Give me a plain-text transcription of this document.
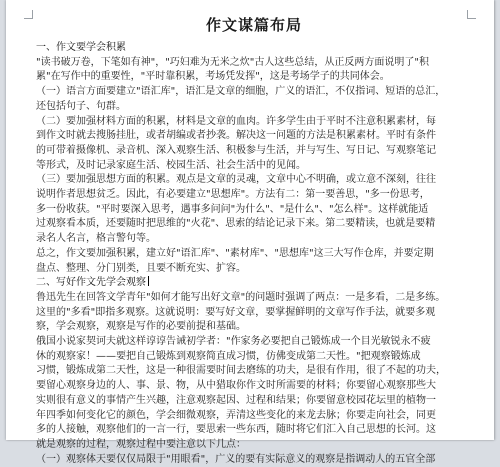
作文谋篇布局
一、作文要学会积累
"读书破万卷，下笔如有神"，"巧妇难为无米之炊"古人这些总结，从正反两方面说明了"积
累"在写作中的重要性，"平时靠积累，考场凭发挥"，这是考场学子的共同体会。
（一）语言方面要建立"语汇库"，语汇是文章的细胞，广义的语汇，不仅指词、短语的总汇，
还包括句子、句群。
（二）要加强材料方面的积累，材料是文章的血肉。许多学生由于平时不注意积累素材，每
到作文时就去搜肠挂肚，或者胡编或者抄袭。解决这一问题的方法是积累素材。平时有条件
的可带着摄像机、录音机、深入观察生活、积极参与生活，并与写生、写日记、写观察笔记
等形式，及时记录家庭生活、校园生活、社会生活中的见闻。
（三）要加强思想方面的积累。观点是文章的灵魂，文章中心不明确，或立意不深刻，往往
说明作者思想贫乏。因此，有必要建立"思想库"。方法有二：第一要善思，"多一份思考，
多一份收获。"平时要深入思考，遇事多问问"为什么"、"是什么"、"怎么样"。这样就能适
过观察看本质，还要随时把思维的"火花"、思索的结论记录下来。第二要精读，也就是要精
录名人名言，格言警句等。
总之，作文要加强积累，建立好"语汇库"、"素材库"、"思想库"这三大写作仓库，并要定期
盘点、整理、分门别类，且要不断充实、扩容。
二、写好作文先学会观察
鲁迅先生在回答文学青年"如何才能写出好文章"的问题时强调了两点：一是多看，二是多练。
这里的"多看"即指多观察。这就说明：要写好文章，要掌握鲜明的文章写作手法，就要多观
察，学会观察，观察是写作的必要前提和基础。
俄国小说家契诃夫就这样谆谆告诫初学者："作家务必要把自己锻炼成一个目光敏锐永不疲
休的观察家！——要把自己锻炼到观察简直成习惯，仿佛变成第二天性。"把观察锻炼成
习惯，锻炼成第二天性，这是一种很需要时间去磨练的功夫，是很有作用，很了不起的功夫，
要留心观察身边的人、事、景、物，从中猎取你作文时所需要的材料；你要留心观察那些大
实则很有意义的事情产生兴趣，注意观察起因、过程和结果；你要留意校园花坛里的植物一
年四季如何变化它的颜色，学会细微观察，弄清这些变化的来龙去脉；你要走向社会，同更
多的人接触，观察他们的一言一行，要思索一些东西，随时将它们汇入自己思想的长河。这
就是观察的过程，观察过程中要注意以下几点：
（一）观察体天要仅仅局限于"用眼看"，广义的要有实际意义的观察是指调动人的五官全部
